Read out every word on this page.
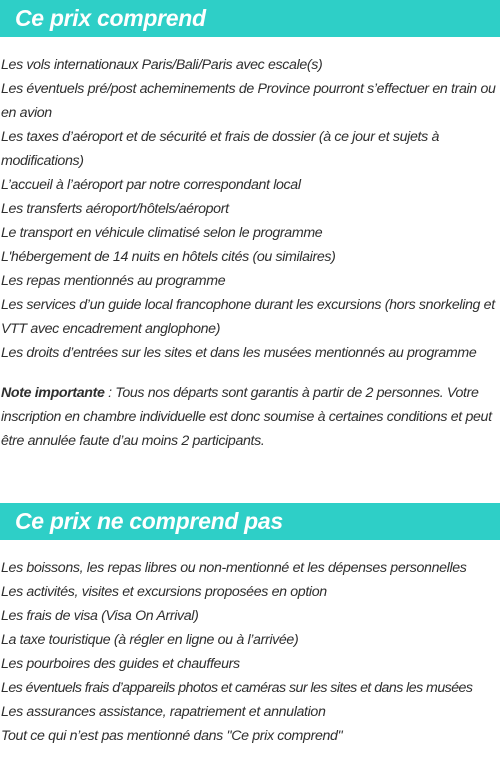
Ce prix comprend
Les vols internationaux Paris/Bali/Paris avec escale(s)
Les éventuels pré/post acheminements de Province pourront s’effectuer en train ou en avion
Les taxes d’aéroport et de sécurité et frais de dossier (à ce jour et sujets à modifications)
L’accueil à l’aéroport par notre correspondant local
Les transferts aéroport/hôtels/aéroport
Le transport en véhicule climatisé selon le programme
L'hébergement de 14 nuits en hôtels cités (ou similaires)
Les repas mentionnés au programme
Les services d’un guide local francophone durant les excursions (hors snorkeling et VTT avec encadrement anglophone)
Les droits d’entrées sur les sites et dans les musées mentionnés au programme
Note importante : Tous nos départs sont garantis à partir de 2 personnes. Votre inscription en chambre individuelle est donc soumise à certaines conditions et peut être annulée faute d’au moins 2 participants.
Ce prix ne comprend pas
Les boissons, les repas libres ou non-mentionné et les dépenses personnelles
Les activités, visites et excursions proposées en option
Les frais de visa (Visa On Arrival)
La taxe touristique (à régler en ligne ou à l’arrivée)
Les pourboires des guides et chauffeurs
Les éventuels frais d’appareils photos et caméras sur les sites et dans les musées
Les assurances assistance, rapatriement et annulation
Tout ce qui n’est pas mentionné dans "Ce prix comprend"
